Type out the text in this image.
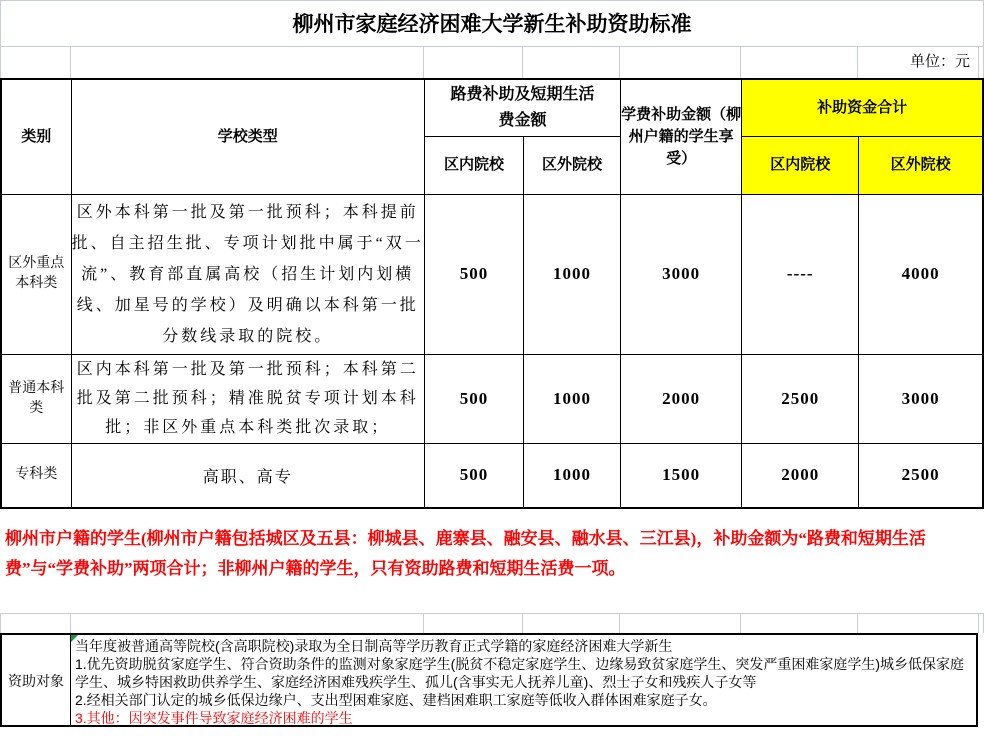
柳州市家庭经济困难大学新生补助资助标准
单位：元
类别	学校类型	路费补助及短期生活费金额		学费补助金额（柳州户籍的学生享受）	补助资金合计	
		区内院校	区外院校		区内院校	区外院校
区外重点本科类	区外本科第一批及第一批预科；本科提前批、自主招生批、专项计划批中属于“双一流”、教育部直属高校（招生计划内划横线、加星号的学校）及明确以本科第一批分数线录取的院校。	500	1000	3000	----	4000
普通本科类	区内本科第一批及第一批预科；本科第二批及第二批预科；精准脱贫专项计划本科批；非区外重点本科类批次录取；	500	1000	2000	2500	3000
专科类	高职、高专	500	1000	1500	2000	2500
柳州市户籍的学生(柳州市户籍包括城区及五县：柳城县、鹿寨县、融安县、融水县、三江县)，补助金额为“路费和短期生活费”与“学费补助”两项合计；非柳州户籍的学生，只有资助路费和短期生活费一项。
资助对象
当年度被普通高等院校(含高职院校)录取为全日制高等学历教育正式学籍的家庭经济困难大学新生
1.优先资助脱贫家庭学生、符合资助条件的监测对象家庭学生(脱贫不稳定家庭学生、边缘易致贫家庭学生、突发严重困难家庭学生)城乡低保家庭学生、城乡特困救助供养学生、家庭经济困难残疾学生、孤儿(含事实无人抚养儿童)、烈士子女和残疾人子女等
2.经相关部门认定的城乡低保边缘户、支出型困难家庭、建档困难职工家庭等低收入群体困难家庭子女。
3.其他：因突发事件导致家庭经济困难的学生
